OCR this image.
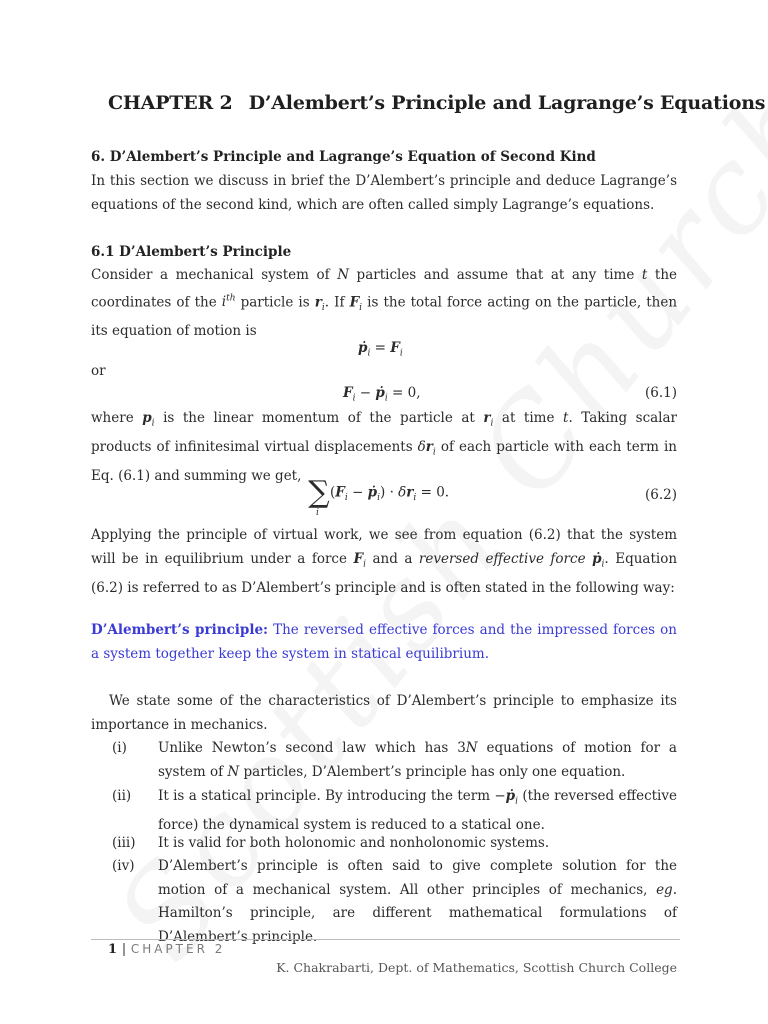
CHAPTER 2 D’Alembert’s Principle and Lagrange’s Equations
6. D’Alembert’s Principle and Lagrange’s Equation of Second Kind
In this section we discuss in brief the D’Alembert’s principle and deduce Lagrange’s equations of the second kind, which are often called simply Lagrange’s equations.
6.1 D’Alembert’s Principle
Consider a mechanical system of N particles and assume that at any time t the coordinates of the $i^{th}$ particle is $r_i$. If $F_i$ is the total force acting on the particle, then its equation of motion is
ṗ$_i$ = $F_i$
or
$F_i$ − ṗ$_i$ = 0,	(6.1)
where $p_i$ is the linear momentum of the particle at $r_i$ at time t. Taking scalar products of infinitesimal virtual displacements $\delta r_i$ of each particle with each term in Eq. (6.1) and summing we get, ∑
i
($F_i$ − ṗ$_i$) · $\delta r_i = 0$.	(6.2)
Applying the principle of virtual work, we see from equation (6.2) that the system will be in equilibrium under a force $F_i$ and a reversed effective force ṗ$_i$. Equation (6.2) is referred to as D’Alembert’s principle and is often stated in the following way:
D’Alembert’s principle: The reversed effective forces and the impressed forces on a system together keep the system in statical equilibrium.
We state some of the characteristics of D’Alembert’s principle to emphasize its importance in mechanics.
(i) Unlike Newton’s second law which has 3N equations of motion for a system of N particles, D’Alembert’s principle has only one equation.
(ii) It is a statical principle. By introducing the term −ṗ$_i$ (the reversed effective force) the dynamical system is reduced to a statical one.
(iii) It is valid for both holonomic and nonholonomic systems.
(iv) D’Alembert’s principle is often said to give complete solution for the motion of a mechanical system. All other principles of mechanics, eg. Hamilton’s principle, are different mathematical formulations of D’Alembert’s principle.
1 | CHAPTER 2
K. Chakrabarti, Dept. of Mathematics, Scottish Church College
